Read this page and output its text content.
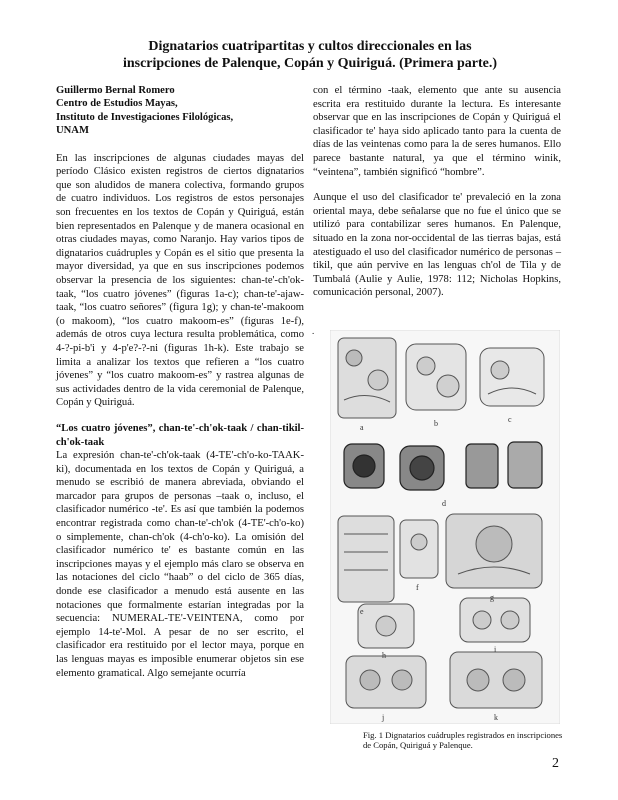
Dignatarios cuatripartitas y cultos direccionales en las
inscripciones de Palenque, Copán y Quiriguá. (Primera parte.)
Guillermo Bernal Romero
Centro de Estudios Mayas,
Instituto de Investigaciones Filológicas,
UNAM

En las inscripciones de algunas ciudades mayas del período Clásico existen registros de ciertos dignatarios que son aludidos de manera colectiva, formando grupos de cuatro individuos. Los registros de estos personajes son frecuentes en los textos de Copán y Quiriguá, están bien representados en Palenque y de manera ocasional en otras ciudades mayas, como Naranjo. Hay varios tipos de dignatarios cuádruples y Copán es el sitio que presenta la mayor diversidad, ya que en sus inscripciones podemos observar la presencia de los siguientes: chan-te'-ch'ok-taak, “los cuatro jóvenes” (figuras 1a-c); chan-te'-ajaw-taak, “los cuatro señores” (figura 1g); y chan-te'-makoom (o makoom), “los cuatro makoom-es” (figuras 1e-f), además de otros cuya lectura resulta problemática, como 4-?-pi-b'i y 4-p'e?-?-ni (figuras 1h-k). Este trabajo se limita a analizar los textos que refieren a “los cuatro jóvenes” y “los cuatro makoom-es” y rastrea algunas de sus actividades dentro de la vida ceremonial de Palenque, Copán y Quiriguá.

“Los cuatro jóvenes”, chan-te'-ch'ok-taak / chan-tikil-ch'ok-taak

La expresión chan-te'-ch'ok-taak (4-TE'-ch'o-ko-TAAK-ki), documentada en los textos de Copán y Quiriguá, a menudo se escribió de manera abreviada, obviando el marcador para grupos de personas –taak o, incluso, el clasificador numérico -te'. Es así que también la podemos encontrar registrada como chan-te'-ch'ok (4-TE'-ch'o-ko) o simplemente, chan-ch'ok (4-ch'o-ko). La omisión del clasificador numérico te' es bastante común en las inscripciones mayas y el ejemplo más claro se observa en las notaciones del ciclo “haab” o del ciclo de 365 días, donde ese clasificador a menudo está ausente en las notaciones que formalmente estarían integradas por la secuencia: NUMERAL-TE'-VEINTENA, como por ejemplo 14-te'-Mol. A pesar de no ser escrito, el clasificador era restituido por el lector maya, porque en las lenguas mayas es imposible enumerar objetos sin ese elemento gramatical. Algo semejante ocurría

con el término -taak, elemento que ante su ausencia escrita era restituido durante la lectura. Es interesante observar que en las inscripciones de Copán y Quiriguá el clasificador te' haya sido aplicado tanto para la cuenta de días de las veintenas como para la de seres humanos. Ello parece bastante natural, ya que el término winik, “veintena”, también significó “hombre”.

Aunque el uso del clasificador te' prevaleció en la zona oriental maya, debe señalarse que no fue el único que se utilizó para contabilizar seres humanos. En Palenque, situado en la zona nor-occidental de las tierras bajas, está atestiguado el uso del clasificador numérico de personas –tikil, que aún pervive en las lenguas ch'ol de Tila y de Tumbalá (Aulie y Aulie, 1978: 112; Nicholas Hopkins, comunicación personal, 2007).

.
a	b	c
d
e
f
g
h
i
j	k
Fig. 1 Dignatarios cuádruples registrados en inscripciones de Copán, Quiriguá y Palenque.
2
